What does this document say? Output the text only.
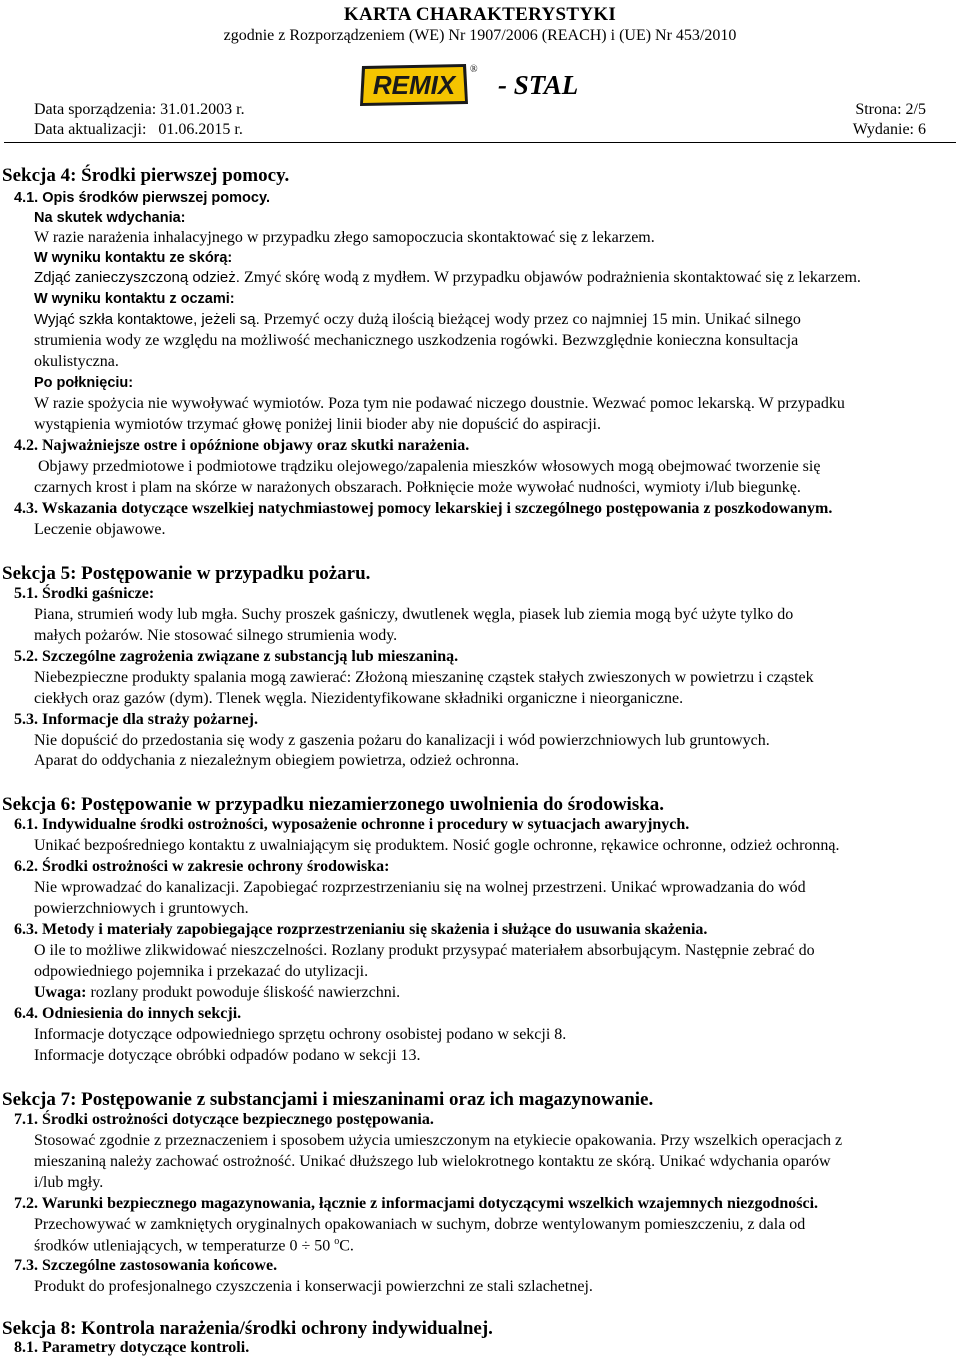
KARTA CHARAKTERYSTYKI
zgodnie z Rozporządzeniem (WE) Nr 1907/2006 (REACH) i (UE) Nr 453/2010
REMIX
®
- STAL
Data sporządzenia: 31.01.2003 r.
Data aktualizacji:   01.06.2015 r.
Strona: 2/5
Wydanie: 6
Sekcja 4: Środki pierwszej pomocy.
4.1. Opis środków pierwszej pomocy.
Na skutek wdychania:
W razie narażenia inhalacyjnego w przypadku złego samopoczucia skontaktować się z lekarzem.
W wyniku kontaktu ze skórą:
Zdjąć zanieczyszczoną odzież. Zmyć skórę wodą z mydłem. W przypadku objawów podrażnienia skontaktować się z lekarzem.
W wyniku kontaktu z oczami:
Wyjąć szkła kontaktowe, jeżeli są. Przemyć oczy dużą ilością bieżącej wody przez co najmniej 15 min. Unikać silnego
strumienia wody ze względu na możliwość mechanicznego uszkodzenia rogówki. Bezwzględnie konieczna konsultacja
okulistyczna.
Po połknięciu:
W razie spożycia nie wywoływać wymiotów. Poza tym nie podawać niczego doustnie. Wezwać pomoc lekarską. W przypadku
wystąpienia wymiotów trzymać głowę poniżej linii bioder aby nie dopuścić do aspiracji.
4.2. Najważniejsze ostre i opóźnione objawy oraz skutki narażenia.
Objawy przedmiotowe i podmiotowe trądziku olejowego/zapalenia mieszków włosowych mogą obejmować tworzenie się
czarnych krost i plam na skórze w narażonych obszarach. Połknięcie może wywołać nudności, wymioty i/lub biegunkę.
4.3. Wskazania dotyczące wszelkiej natychmiastowej pomocy lekarskiej i szczególnego postępowania z poszkodowanym.
Leczenie objawowe.
Sekcja 5: Postępowanie w przypadku pożaru.
5.1. Środki gaśnicze:
Piana, strumień wody lub mgła. Suchy proszek gaśniczy, dwutlenek węgla, piasek lub ziemia mogą być użyte tylko do
małych pożarów. Nie stosować silnego strumienia wody.
5.2. Szczególne zagrożenia związane z substancją lub mieszaniną.
Niebezpieczne produkty spalania mogą zawierać: Złożoną mieszaninę cząstek stałych zwieszonych w powietrzu i cząstek
ciekłych oraz gazów (dym). Tlenek węgla. Niezidentyfikowane składniki organiczne i nieorganiczne.
5.3. Informacje dla straży pożarnej.
Nie dopuścić do przedostania się wody z gaszenia pożaru do kanalizacji i wód powierzchniowych lub gruntowych.
Aparat do oddychania z niezależnym obiegiem powietrza, odzież ochronna.
Sekcja 6: Postępowanie w przypadku niezamierzonego uwolnienia do środowiska.
6.1. Indywidualne środki ostrożności, wyposażenie ochronne i procedury w sytuacjach awaryjnych.
Unikać bezpośredniego kontaktu z uwalniającym się produktem. Nosić gogle ochronne, rękawice ochronne, odzież ochronną.
6.2. Środki ostrożności w zakresie ochrony środowiska:
Nie wprowadzać do kanalizacji. Zapobiegać rozprzestrzenianiu się na wolnej przestrzeni. Unikać wprowadzania do wód
powierzchniowych i gruntowych.
6.3. Metody i materiały zapobiegające rozprzestrzenianiu się skażenia i służące do usuwania skażenia.
O ile to możliwe zlikwidować nieszczelności. Rozlany produkt przysypać materiałem absorbującym. Następnie zebrać do
odpowiedniego pojemnika i przekazać do utylizacji.
Uwaga: rozlany produkt powoduje śliskość nawierzchni.
6.4. Odniesienia do innych sekcji.
Informacje dotyczące odpowiedniego sprzętu ochrony osobistej podano w sekcji 8.
Informacje dotyczące obróbki odpadów podano w sekcji 13.
Sekcja 7: Postępowanie z substancjami i mieszaninami oraz ich magazynowanie.
7.1. Środki ostrożności dotyczące bezpiecznego postępowania.
Stosować zgodnie z przeznaczeniem i sposobem użycia umieszczonym na etykiecie opakowania. Przy wszelkich operacjach z
mieszaniną należy zachować ostrożność. Unikać dłuższego lub wielokrotnego kontaktu ze skórą. Unikać wdychania oparów
i/lub mgły.
7.2. Warunki bezpiecznego magazynowania, łącznie z informacjami dotyczącymi wszelkich wzajemnych niezgodności.
Przechowywać w zamkniętych oryginalnych opakowaniach w suchym, dobrze wentylowanym pomieszczeniu, z dala od
środków utleniających, w temperaturze 0 ÷ 50 $^o$C.
7.3. Szczególne zastosowania końcowe.
Produkt do profesjonalnego czyszczenia i konserwacji powierzchni ze stali szlachetnej.
Sekcja 8: Kontrola narażenia/środki ochrony indywidualnej.
8.1. Parametry dotyczące kontroli.
